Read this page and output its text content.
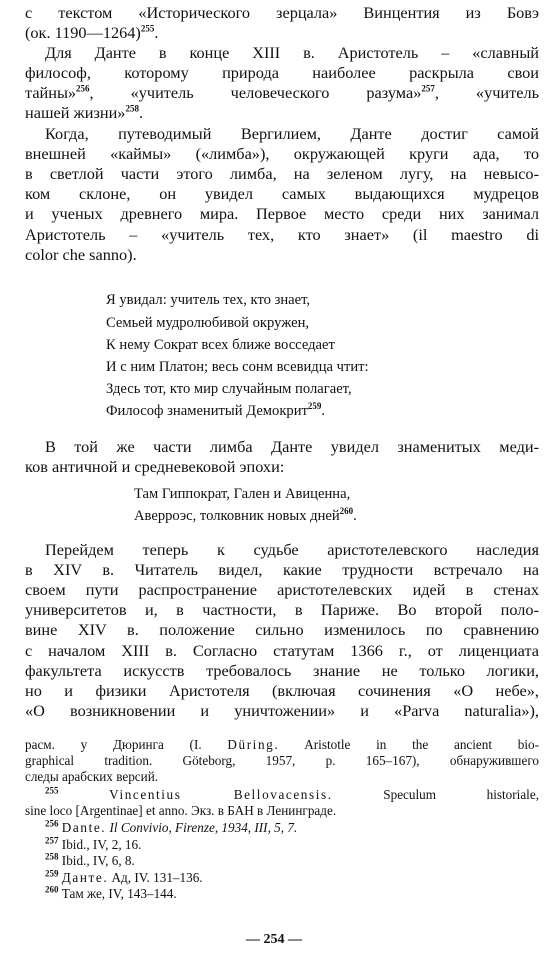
с текстом «Исторического зерцала» Винцентия из Бовэ
(ок. 1190—1264)$^{255}$.
Для Данте в конце XIII в. Аристотель – «славный
философ, которому природа наиболее раскрыла свои
тайны»$^{256}$, «учитель человеческого разума»$^{257}$, «учитель
нашей жизни»$^{258}$.
Когда, путеводимый Вергилием, Данте достиг самой
внешней «каймы» («лимба»), окружающей круги ада, то
в светлой части этого лимба, на зеленом лугу, на невысо-
ком склоне, он увидел самых выдающихся мудрецов
и ученых древнего мира. Первое место среди них занимал
Аристотель – «учитель тех, кто знает» (il maestro di
color che sanno).
Я увидал: учитель тех, кто знает,
Семьей мудролюбивой окружен,
К нему Сократ всех ближе восседает
И с ним Платон; весь сонм всевидца чтит:
Здесь тот, кто мир случайным полагает,
Философ знаменитый Демокрит$^{259}$.
В той же части лимба Данте увидел знаменитых меди-
ков античной и средневековой эпохи:
Там Гиппократ, Гален и Авиценна,
Аверроэс, толковник новых дней$^{260}$.
Перейдем теперь к судьбе аристотелевского наследия
в XIV в. Читатель видел, какие трудности встречало на
своем пути распространение аристотелевских идей в стенах
университетов и, в частности, в Париже. Во второй поло-
вине XIV в. положение сильно изменилось по сравнению
с началом XIII в. Согласно статутам 1366 г., от лиценциата
факультета искусств требовалось знание не только логики,
но и физики Аристотеля (включая сочинения «О небе»,
«О возникновении и уничтожении» и «Parva naturalia»),
расм. у Дюринга (I. Düring. Aristotle in the ancient bio-
graphical tradition. Göteborg, 1957, p. 165–167), обнаружившего
следы арабских версий.
$^{255}$	Vincentius Bellovacensis.	Speculum historiale,
sine loco [Argentinae] et anno. Экз. в БАН в Ленинграде.
$^{256}$ Dante. Il Convivio, Firenze, 1934, III, 5, 7.
$^{257}$ Ibid., IV, 2, 16.
$^{258}$ Ibid., IV, 6, 8.
$^{259}$ Данте. Ад, IV. 131–136.
$^{260}$ Там же, IV, 143–144.
— 254 —
